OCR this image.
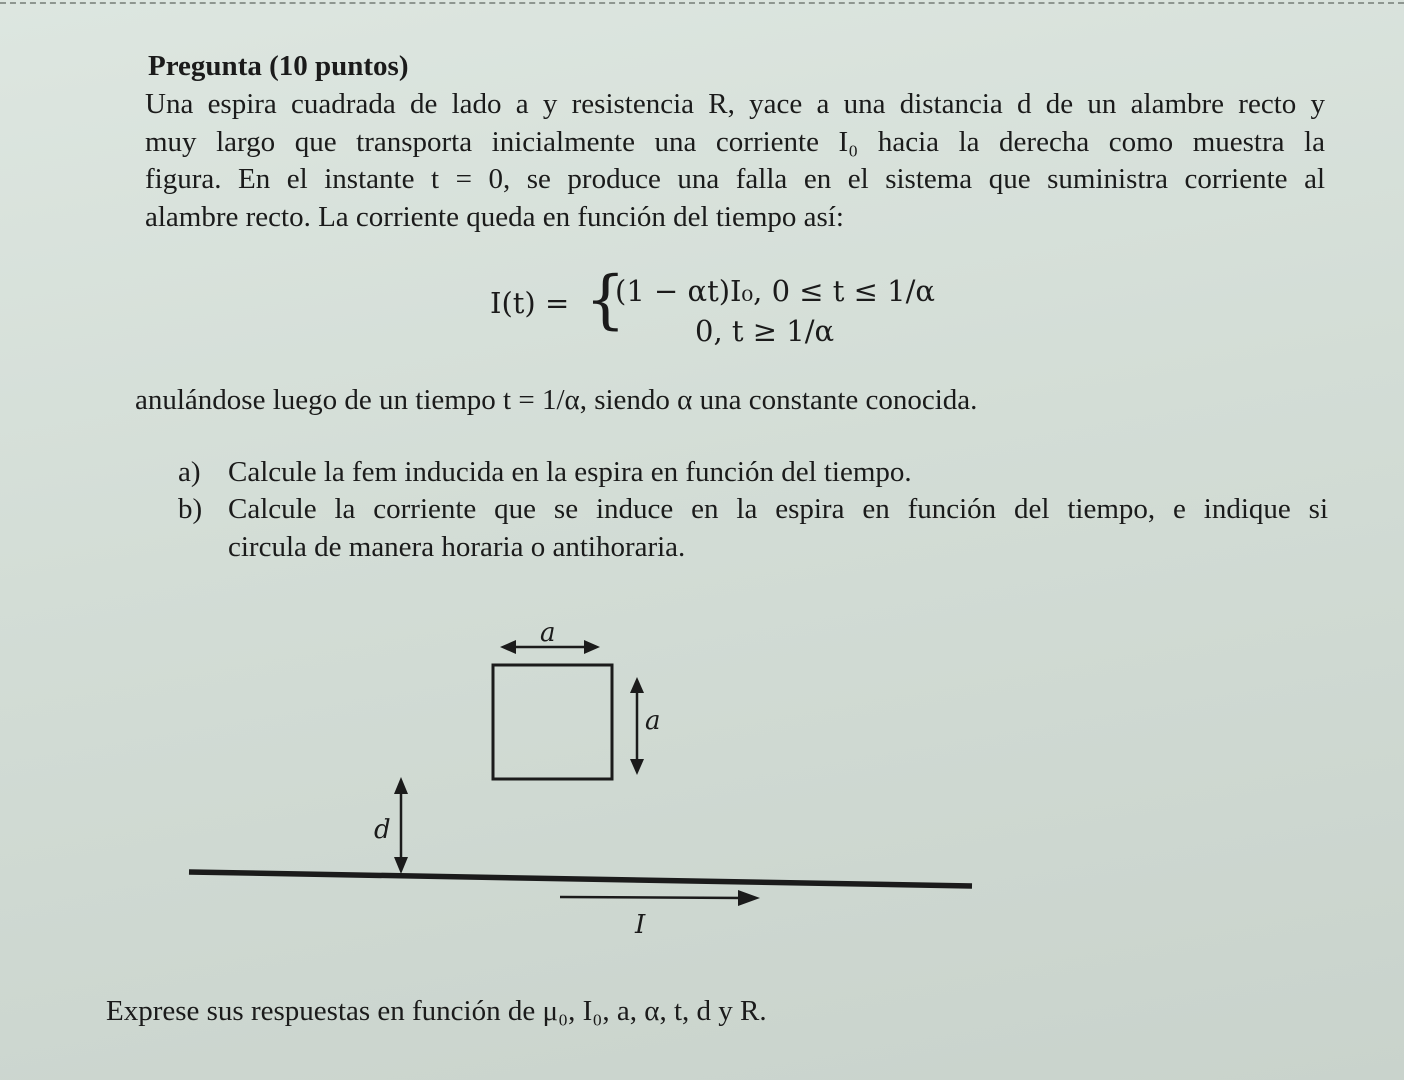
Pregunta (10 puntos)
Una espira cuadrada de lado a y resistencia R, yace a una distancia d de un alambre recto y
muy largo que transporta inicialmente una corriente I₀ hacia la derecha como muestra la
figura. En el instante t = 0, se produce una falla en el sistema que suministra corriente al
alambre recto. La corriente queda en función del tiempo así:
I(t) = {
(1 − αt)I₀, 0 ≤ t ≤ 1/α
0, t ≥ 1/α
anulándose luego de un tiempo t = 1/α, siendo α una constante conocida.
a) Calcule la fem inducida en la espira en función del tiempo.
b) Calcule la corriente que se induce en la espira en función del tiempo, e indique si
circula de manera horaria o antihoraria.
a
a
d
I
Exprese sus respuestas en función de μ₀, I₀, a, α, t, d y R.
